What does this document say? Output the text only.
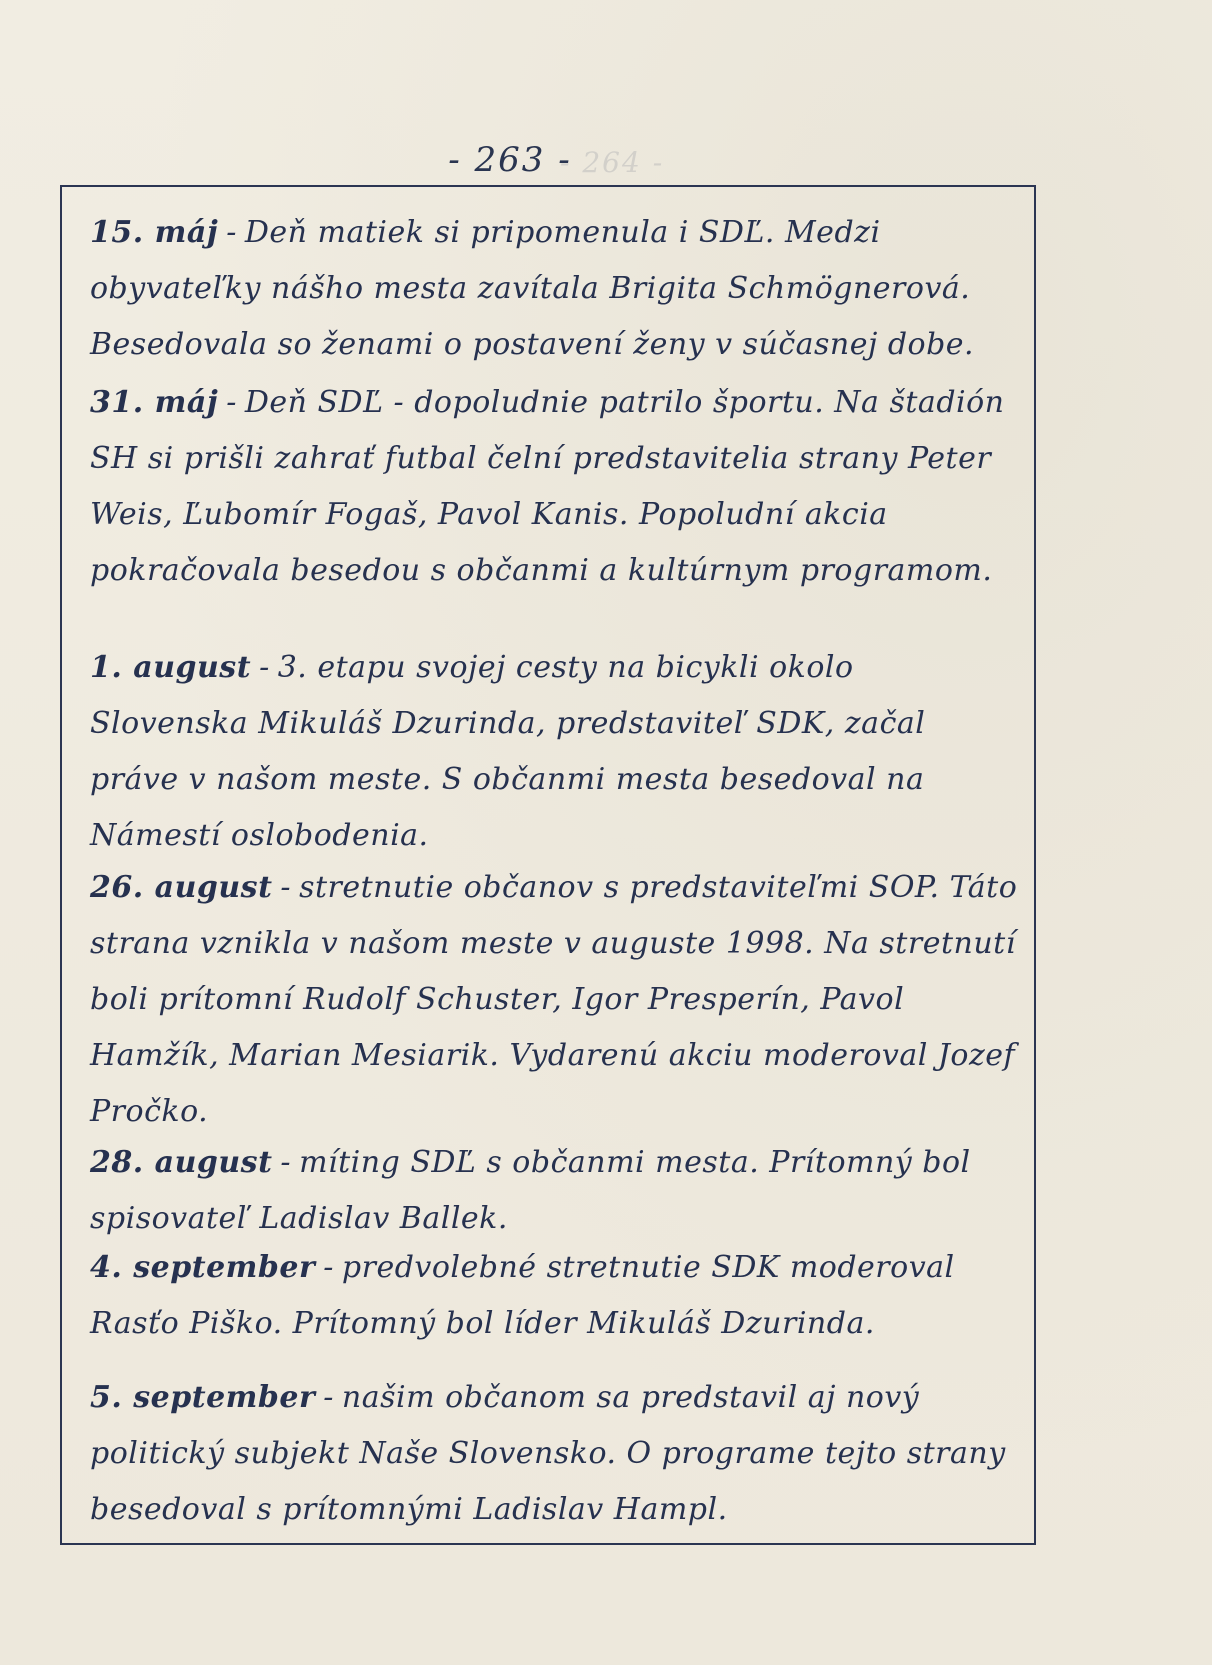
- 264 -
- 263 -

15. máj - Deň matiek si pripomenula i SDĽ. Medzi obyvateľky nášho mesta zavítala Brigita Schmögnerová. Besedovala so ženami o postavení ženy v súčasnej dobe.

31. máj - Deň SDĽ - dopoludnie patrilo športu. Na štadión SH si prišli zahrať futbal čelní predstavitelia strany Peter Weis, Ľubomír Fogaš, Pavol Kanis. Popoludní akcia pokračovala besedou s občanmi a kultúrnym programom.

1. august - 3. etapu svojej cesty na bicykli okolo Slovenska Mikuláš Dzurinda, predstaviteľ SDK, začal práve v našom meste. S občanmi mesta besedoval na Námestí oslobodenia.

26. august - stretnutie občanov s predstaviteľmi SOP. Táto strana vznikla v našom meste v auguste 1998. Na stretnutí boli prítomní Rudolf Schuster, Igor Presperín, Pavol Hamžík, Marian Mesiarik. Vydarenú akciu moderoval Jozef Pročko.

28. august - míting SDĽ s občanmi mesta. Prítomný bol spisovateľ Ladislav Ballek.

4. september - predvolebné stretnutie SDK moderoval Rasťo Piško. Prítomný bol líder Mikuláš Dzurinda.

5. september - našim občanom sa predstavil aj nový politický subjekt Naše Slovensko. O programe tejto strany besedoval s prítomnými Ladislav Hampl.
